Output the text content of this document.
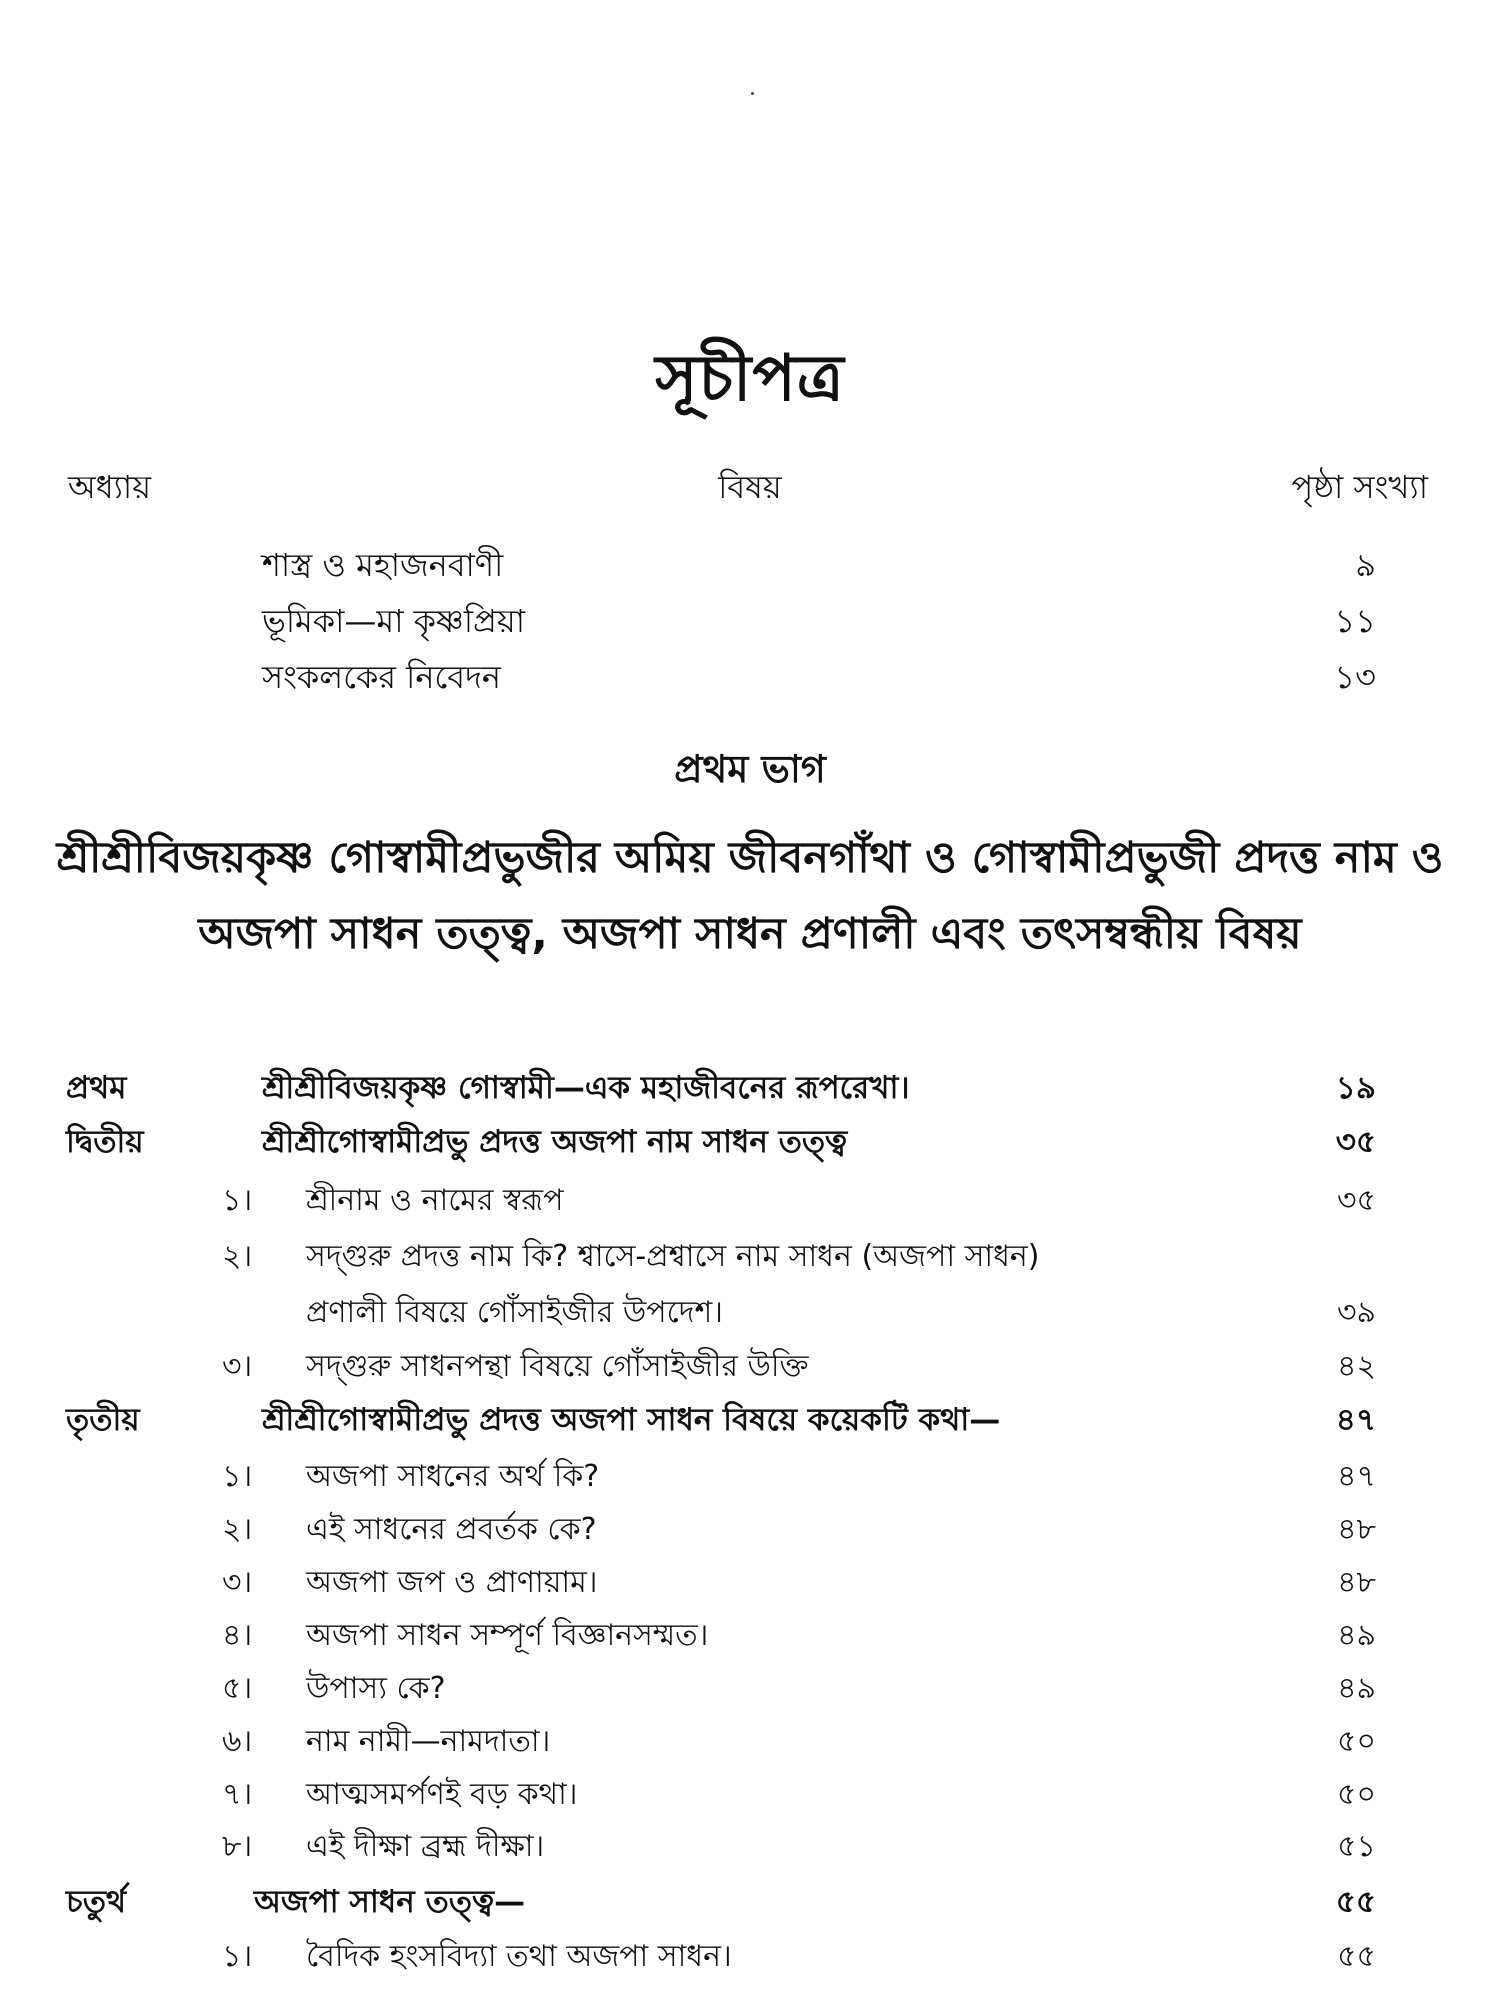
সূচীপত্র
অধ্যায়	বিষয়	পৃষ্ঠা সংখ্যা
শাস্ত্র ও মহাজনবাণী	৯
ভূমিকা—মা কৃষ্ণপ্রিয়া	১১
সংকলকের নিবেদন	১৩
প্রথম ভাগ
শ্রীশ্রীবিজয়কৃষ্ণ গোস্বামীপ্রভুজীর অমিয় জীবনগাঁথা ও গোস্বামীপ্রভুজী প্রদত্ত নাম ও অজপা সাধন তত্ত্ব, অজপা সাধন প্রণালী এবং তৎসম্বন্ধীয় বিষয়
প্রথম	শ্রীশ্রীবিজয়কৃষ্ণ গোস্বামী—এক মহাজীবনের রূপরেখা।	১৯
দ্বিতীয়	শ্রীশ্রীগোস্বামীপ্রভু প্রদত্ত অজপা নাম সাধন তত্ত্ব	৩৫
১। শ্রীনাম ও নামের স্বরূপ	৩৫
২। সদ্‌গুরু প্রদত্ত নাম কি? শ্বাসে-প্রশ্বাসে নাম সাধন (অজপা সাধন)
প্রণালী বিষয়ে গোঁসাইজীর উপদেশ।	৩৯
৩। সদ্‌গুরু সাধনপন্থা বিষয়ে গোঁসাইজীর উক্তি	৪২
তৃতীয়	শ্রীশ্রীগোস্বামীপ্রভু প্রদত্ত অজপা সাধন বিষয়ে কয়েকটি কথা—	৪৭
১। অজপা সাধনের অর্থ কি?	৪৭
২। এই সাধনের প্রবর্তক কে?	৪৮
৩। অজপা জপ ও প্রাণায়াম।	৪৮
৪। অজপা সাধন সম্পূর্ণ বিজ্ঞানসম্মত।	৪৯
৫। উপাস্য কে?	৪৯
৬। নাম নামী—নামদাতা।	৫০
৭। আত্মসমর্পণই বড় কথা।	৫০
৮। এই দীক্ষা ব্রহ্ম দীক্ষা।	৫১
চতুর্থ	অজপা সাধন তত্ত্ব—	৫৫
১। বৈদিক হংসবিদ্যা তথা অজপা সাধন।	৫৫
